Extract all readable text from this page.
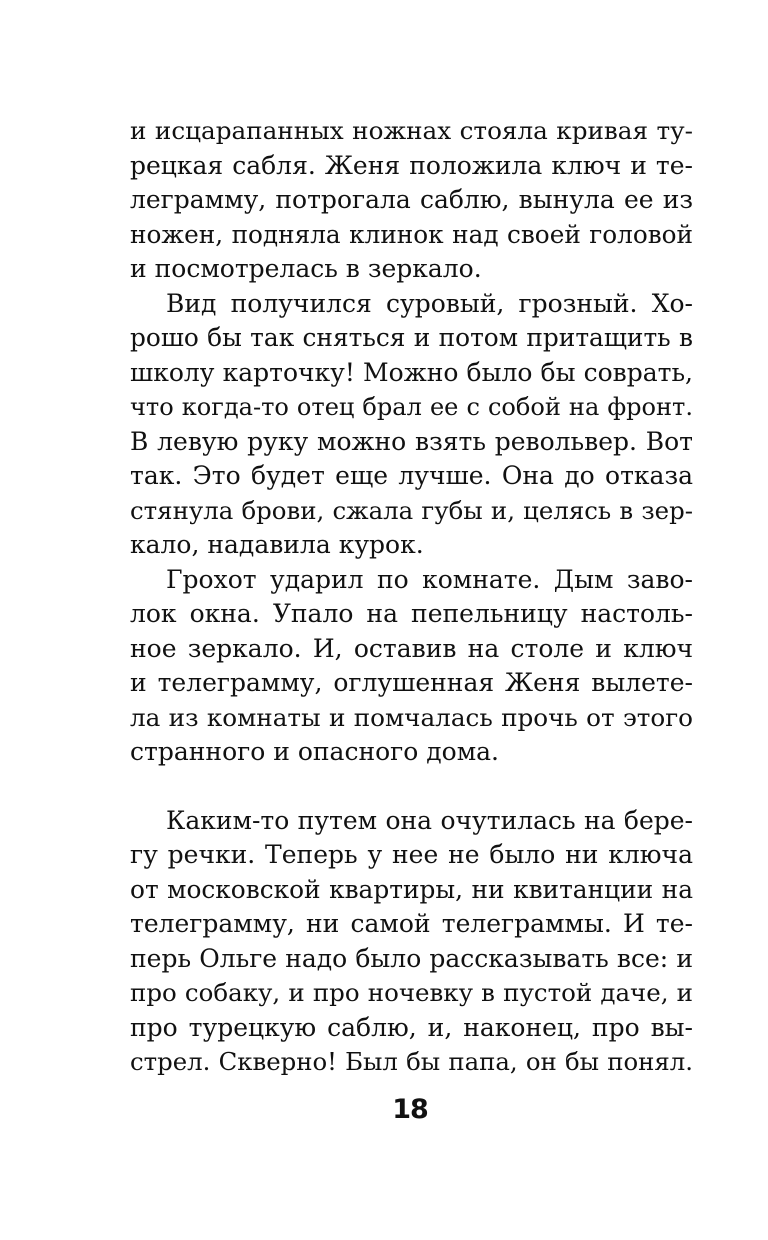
и исцарапанных ножнах стояла кривая ту-
рецкая сабля. Женя положила ключ и те-
леграмму, потрогала саблю, вынула ее из
ножен, подняла клинок над своей головой
и посмотрелась в зеркало.
Вид получился суровый, грозный. Хо-
рошо бы так сняться и потом притащить в
школу карточку! Можно было бы соврать,
что когда-то отец брал ее с собой на фронт.
В левую руку можно взять револьвер. Вот
так. Это будет еще лучше. Она до отказа
стянула брови, сжала губы и, целясь в зер-
кало, надавила курок.
Грохот ударил по комнате. Дым заво-
лок окна. Упало на пепельницу настоль-
ное зеркало. И, оставив на столе и ключ
и телеграмму, оглушенная Женя вылете-
ла из комнаты и помчалась прочь от этого
странного и опасного дома.
Каким-то путем она очутилась на бере-
гу речки. Теперь у нее не было ни ключа
от московской квартиры, ни квитанции на
телеграмму, ни самой телеграммы. И те-
перь Ольге надо было рассказывать все: и
про собаку, и про ночевку в пустой даче, и
про турецкую саблю, и, наконец, про вы-
стрел. Скверно! Был бы папа, он бы понял.
18
